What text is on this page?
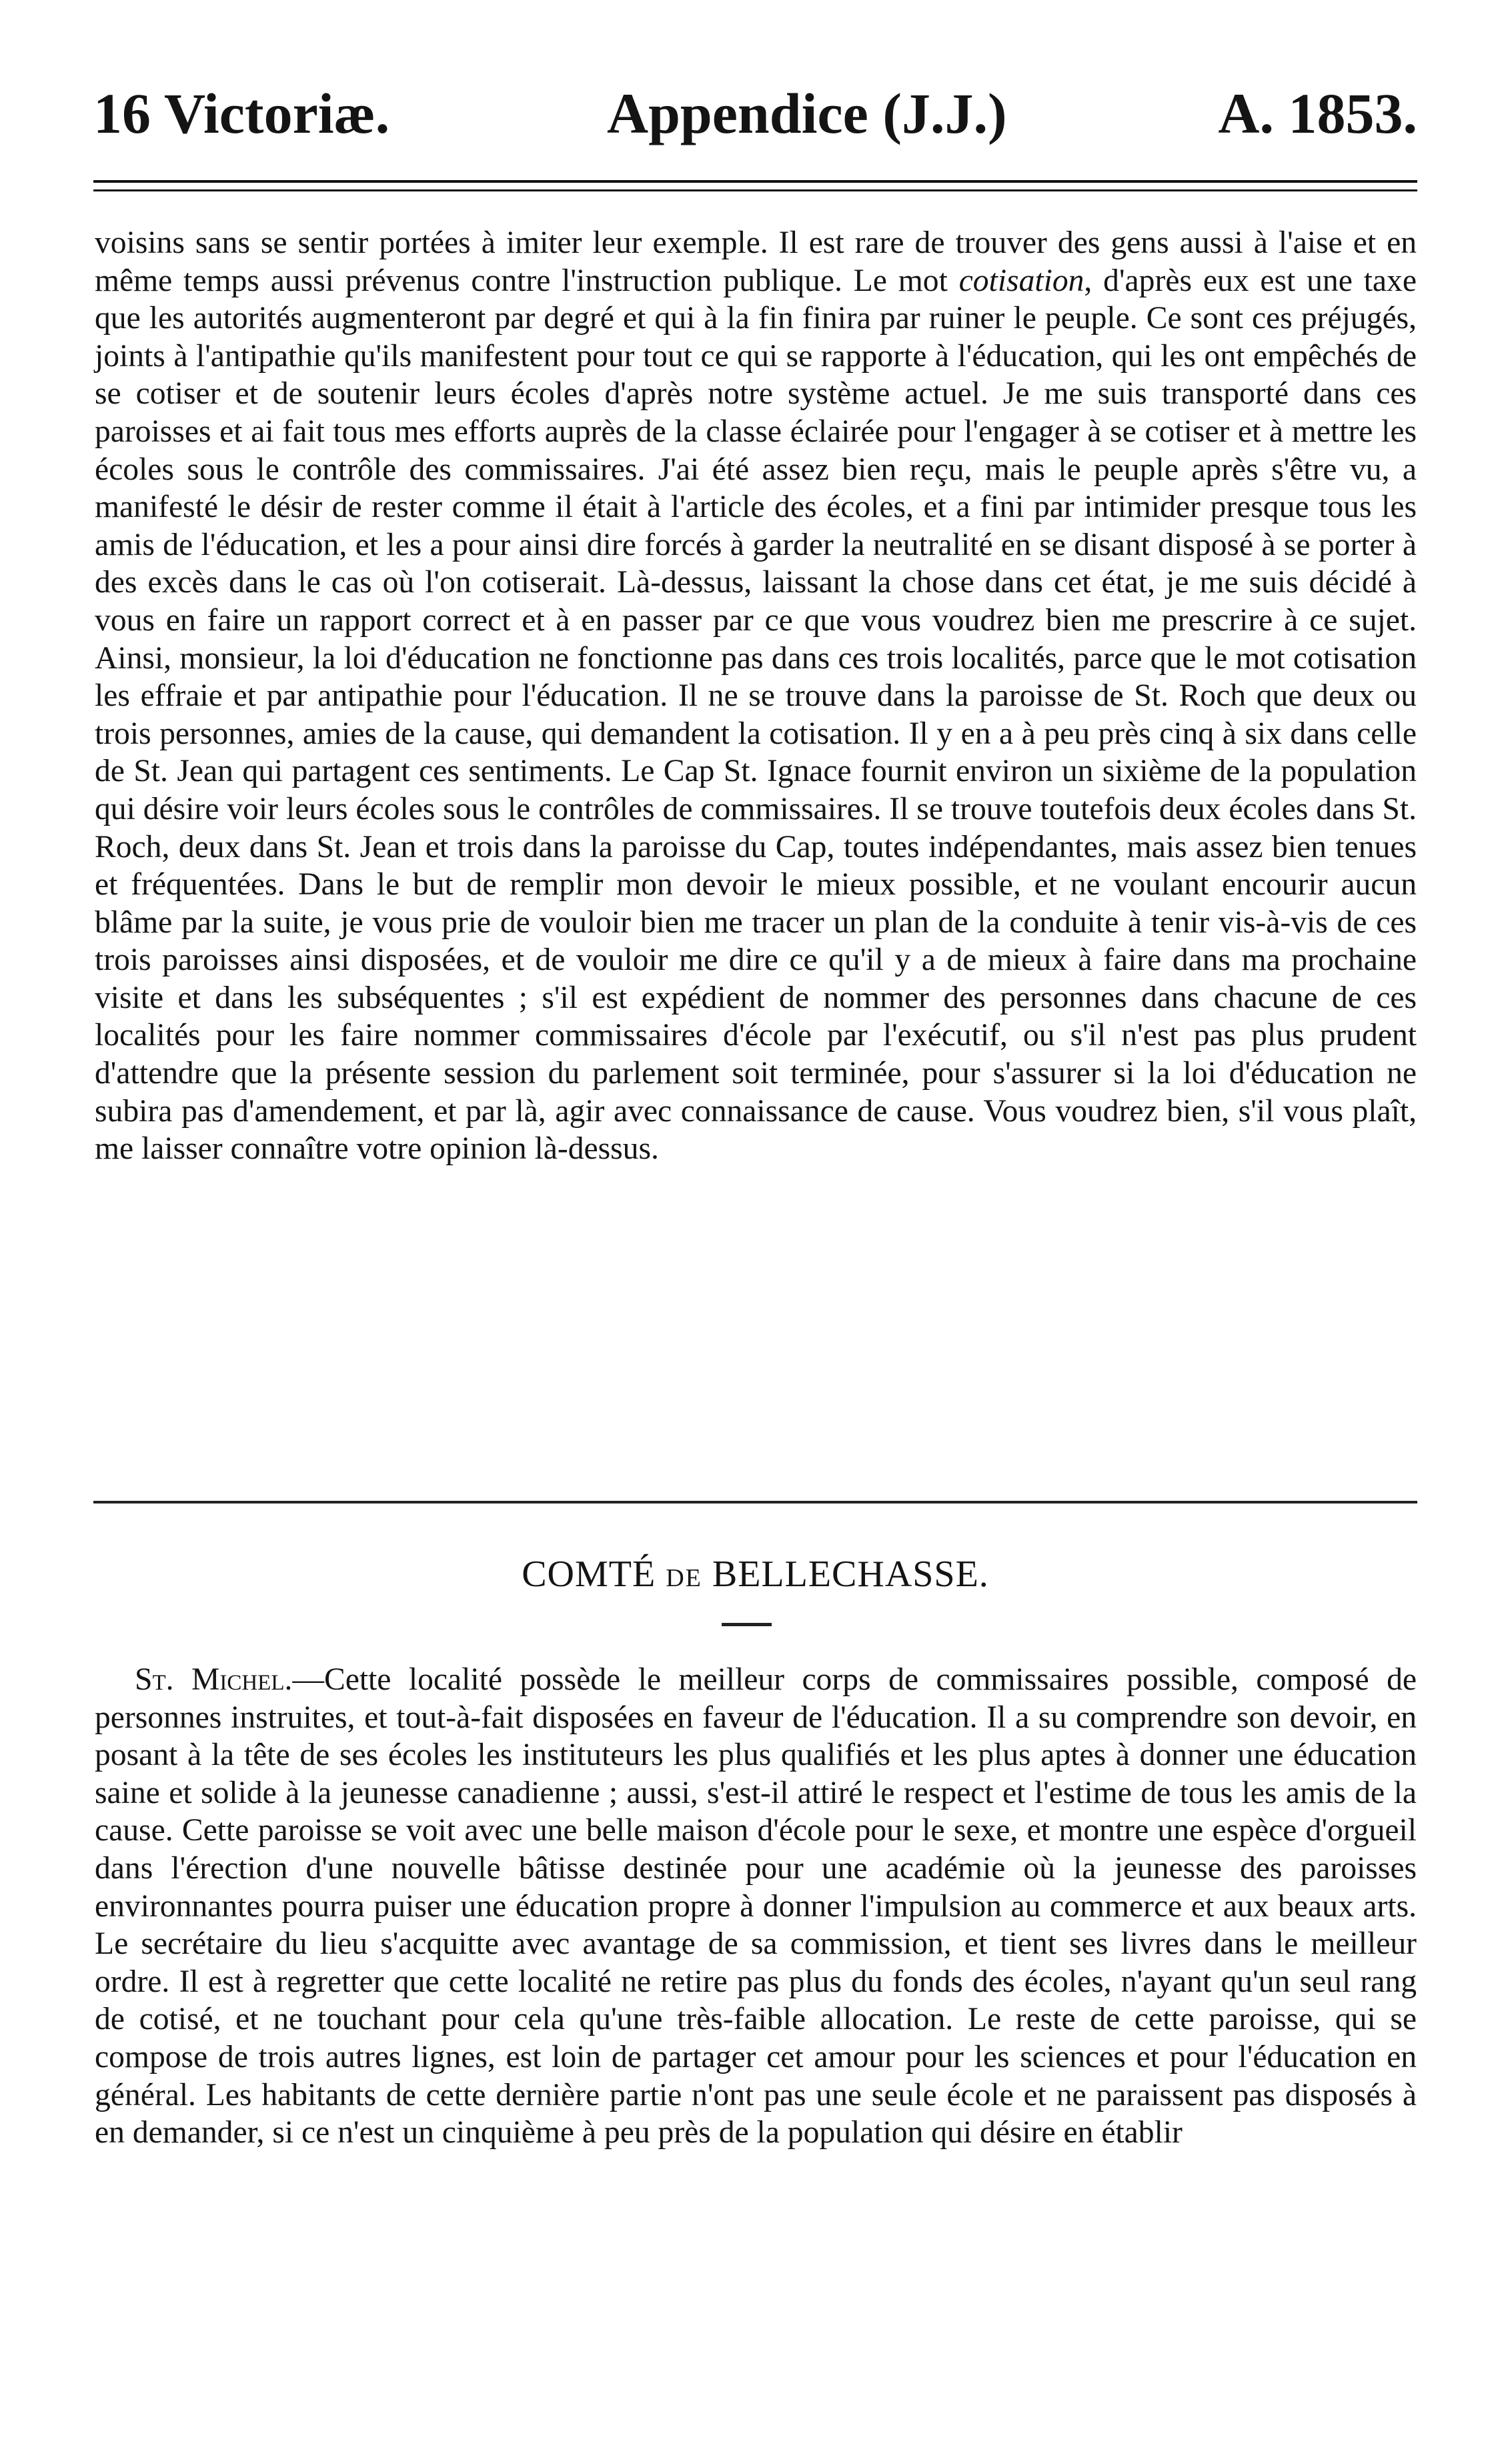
16 Victoriæ.	Appendice (J.J.)	A. 1853.
voisins sans se sentir portées à imiter leur exemple. Il est rare de trouver des gens aussi à l'aise et en même temps aussi prévenus contre l'instruction publique. Le mot cotisation, d'après eux est une taxe que les autorités augmenteront par degré et qui à la fin finira par ruiner le peuple. Ce sont ces préjugés, joints à l'antipathie qu'ils manifestent pour tout ce qui se rapporte à l'éducation, qui les ont empêchés de se cotiser et de soutenir leurs écoles d'après notre système actuel. Je me suis transporté dans ces paroisses et ai fait tous mes efforts auprès de la classe éclairée pour l'engager à se cotiser et à mettre les écoles sous le contrôle des commissaires. J'ai été assez bien reçu, mais le peuple après s'être vu, a manifesté le désir de rester comme il était à l'article des écoles, et a fini par intimider presque tous les amis de l'éducation, et les a pour ainsi dire forcés à garder la neutralité en se disant disposé à se porter à des excès dans le cas où l'on cotiserait. Là-dessus, laissant la chose dans cet état, je me suis décidé à vous en faire un rapport correct et à en passer par ce que vous voudrez bien me prescrire à ce sujet. Ainsi, monsieur, la loi d'éducation ne fonctionne pas dans ces trois localités, parce que le mot cotisation les effraie et par antipathie pour l'éducation. Il ne se trouve dans la paroisse de St. Roch que deux ou trois personnes, amies de la cause, qui demandent la cotisation. Il y en a à peu près cinq à six dans celle de St. Jean qui partagent ces sentiments. Le Cap St. Ignace fournit environ un sixième de la population qui désire voir leurs écoles sous le contrôles de commissaires. Il se trouve toutefois deux écoles dans St. Roch, deux dans St. Jean et trois dans la paroisse du Cap, toutes indépendantes, mais assez bien tenues et fréquentées. Dans le but de remplir mon devoir le mieux possible, et ne voulant encourir aucun blâme par la suite, je vous prie de vouloir bien me tracer un plan de la conduite à tenir vis-à-vis de ces trois paroisses ainsi disposées, et de vouloir me dire ce qu'il y a de mieux à faire dans ma prochaine visite et dans les subséquentes ; s'il est expédient de nommer des personnes dans chacune de ces localités pour les faire nommer commissaires d'école par l'exécutif, ou s'il n'est pas plus prudent d'attendre que la présente session du parlement soit terminée, pour s'assurer si la loi d'éducation ne subira pas d'amendement, et par là, agir avec connaissance de cause. Vous voudrez bien, s'il vous plaît, me laisser connaître votre opinion là-dessus.
COMTÉ DE BELLECHASSE.
St. Michel.—Cette localité possède le meilleur corps de commissaires possible, composé de personnes instruites, et tout-à-fait disposées en faveur de l'éducation. Il a su comprendre son devoir, en posant à la tête de ses écoles les instituteurs les plus qualifiés et les plus aptes à donner une éducation saine et solide à la jeunesse canadienne ; aussi, s'est-il attiré le respect et l'estime de tous les amis de la cause. Cette paroisse se voit avec une belle maison d'école pour le sexe, et montre une espèce d'orgueil dans l'érection d'une nouvelle bâtisse destinée pour une académie où la jeunesse des paroisses environnantes pourra puiser une éducation propre à donner l'impulsion au commerce et aux beaux arts. Le secrétaire du lieu s'acquitte avec avantage de sa commission, et tient ses livres dans le meilleur ordre. Il est à regretter que cette localité ne retire pas plus du fonds des écoles, n'ayant qu'un seul rang de cotisé, et ne touchant pour cela qu'une très-faible allocation. Le reste de cette paroisse, qui se compose de trois autres lignes, est loin de partager cet amour pour les sciences et pour l'éducation en général. Les habitants de cette dernière partie n'ont pas une seule école et ne paraissent pas disposés à en demander, si ce n'est un cinquième à peu près de la population qui désire en établir
